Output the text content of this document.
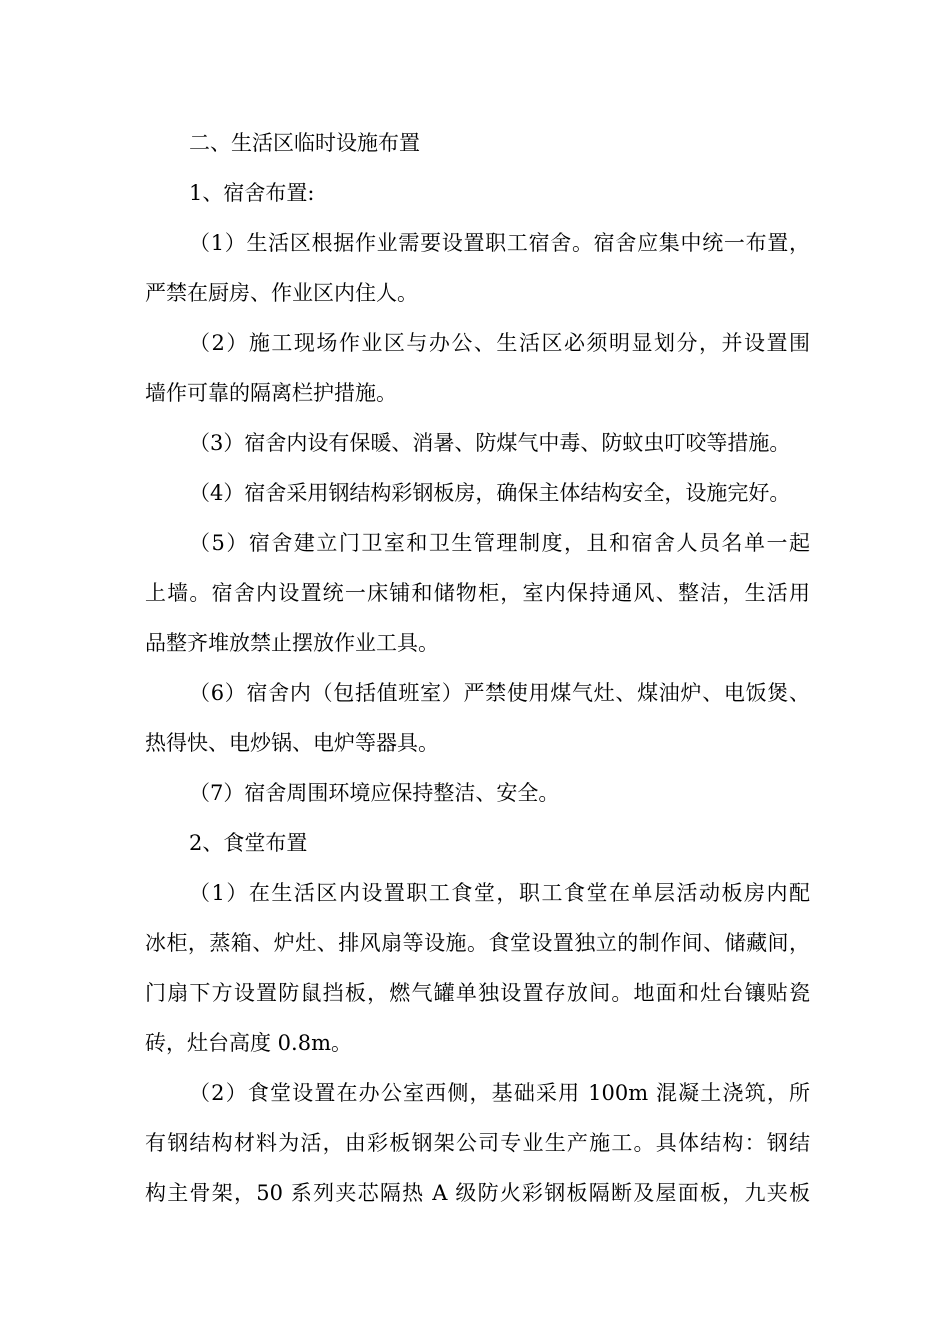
二、生活区临时设施布置
1、宿舍布置:
（1）生活区根据作业需要设置职工宿舍。宿舍应集中统一布置，
严禁在厨房、作业区内住人。
（2）施工现场作业区与办公、生活区必须明显划分，并设置围
墙作可靠的隔离栏护措施。
（3）宿舍内设有保暖、消暑、防煤气中毒、防蚊虫叮咬等措施。
（4）宿舍采用钢结构彩钢板房，确保主体结构安全，设施完好。
（5）宿舍建立门卫室和卫生管理制度，且和宿舍人员名单一起
上墙。宿舍内设置统一床铺和储物柜，室内保持通风、整洁，生活用
品整齐堆放禁止摆放作业工具。
（6）宿舍内（包括值班室）严禁使用煤气灶、煤油炉、电饭煲、
热得快、电炒锅、电炉等器具。
（7）宿舍周围环境应保持整洁、安全。
2、食堂布置
（1）在生活区内设置职工食堂，职工食堂在单层活动板房内配
冰柜，蒸箱、炉灶、排风扇等设施。食堂设置独立的制作间、储藏间，
门扇下方设置防鼠挡板，燃气罐单独设置存放间。地面和灶台镶贴瓷
砖，灶台高度 0.8m。
（2）食堂设置在办公室西侧，基础采用 100m 混凝土浇筑，所
有钢结构材料为活，由彩板钢架公司专业生产施工。具体结构：钢结
构主骨架，50 系列夹芯隔热 A 级防火彩钢板隔断及屋面板，九夹板
